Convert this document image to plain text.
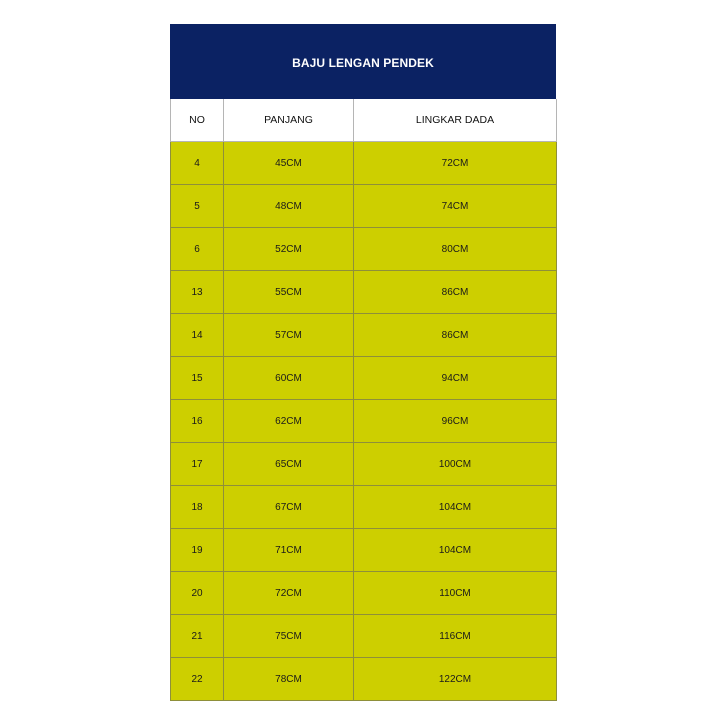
BAJU LENGAN PENDEK
NO	PANJANG	LINGKAR DADA
4	45CM	72CM
5	48CM	74CM
6	52CM	80CM
13	55CM	86CM
14	57CM	86CM
15	60CM	94CM
16	62CM	96CM
17	65CM	100CM
18	67CM	104CM
19	71CM	104CM
20	72CM	110CM
21	75CM	116CM
22	78CM	122CM
